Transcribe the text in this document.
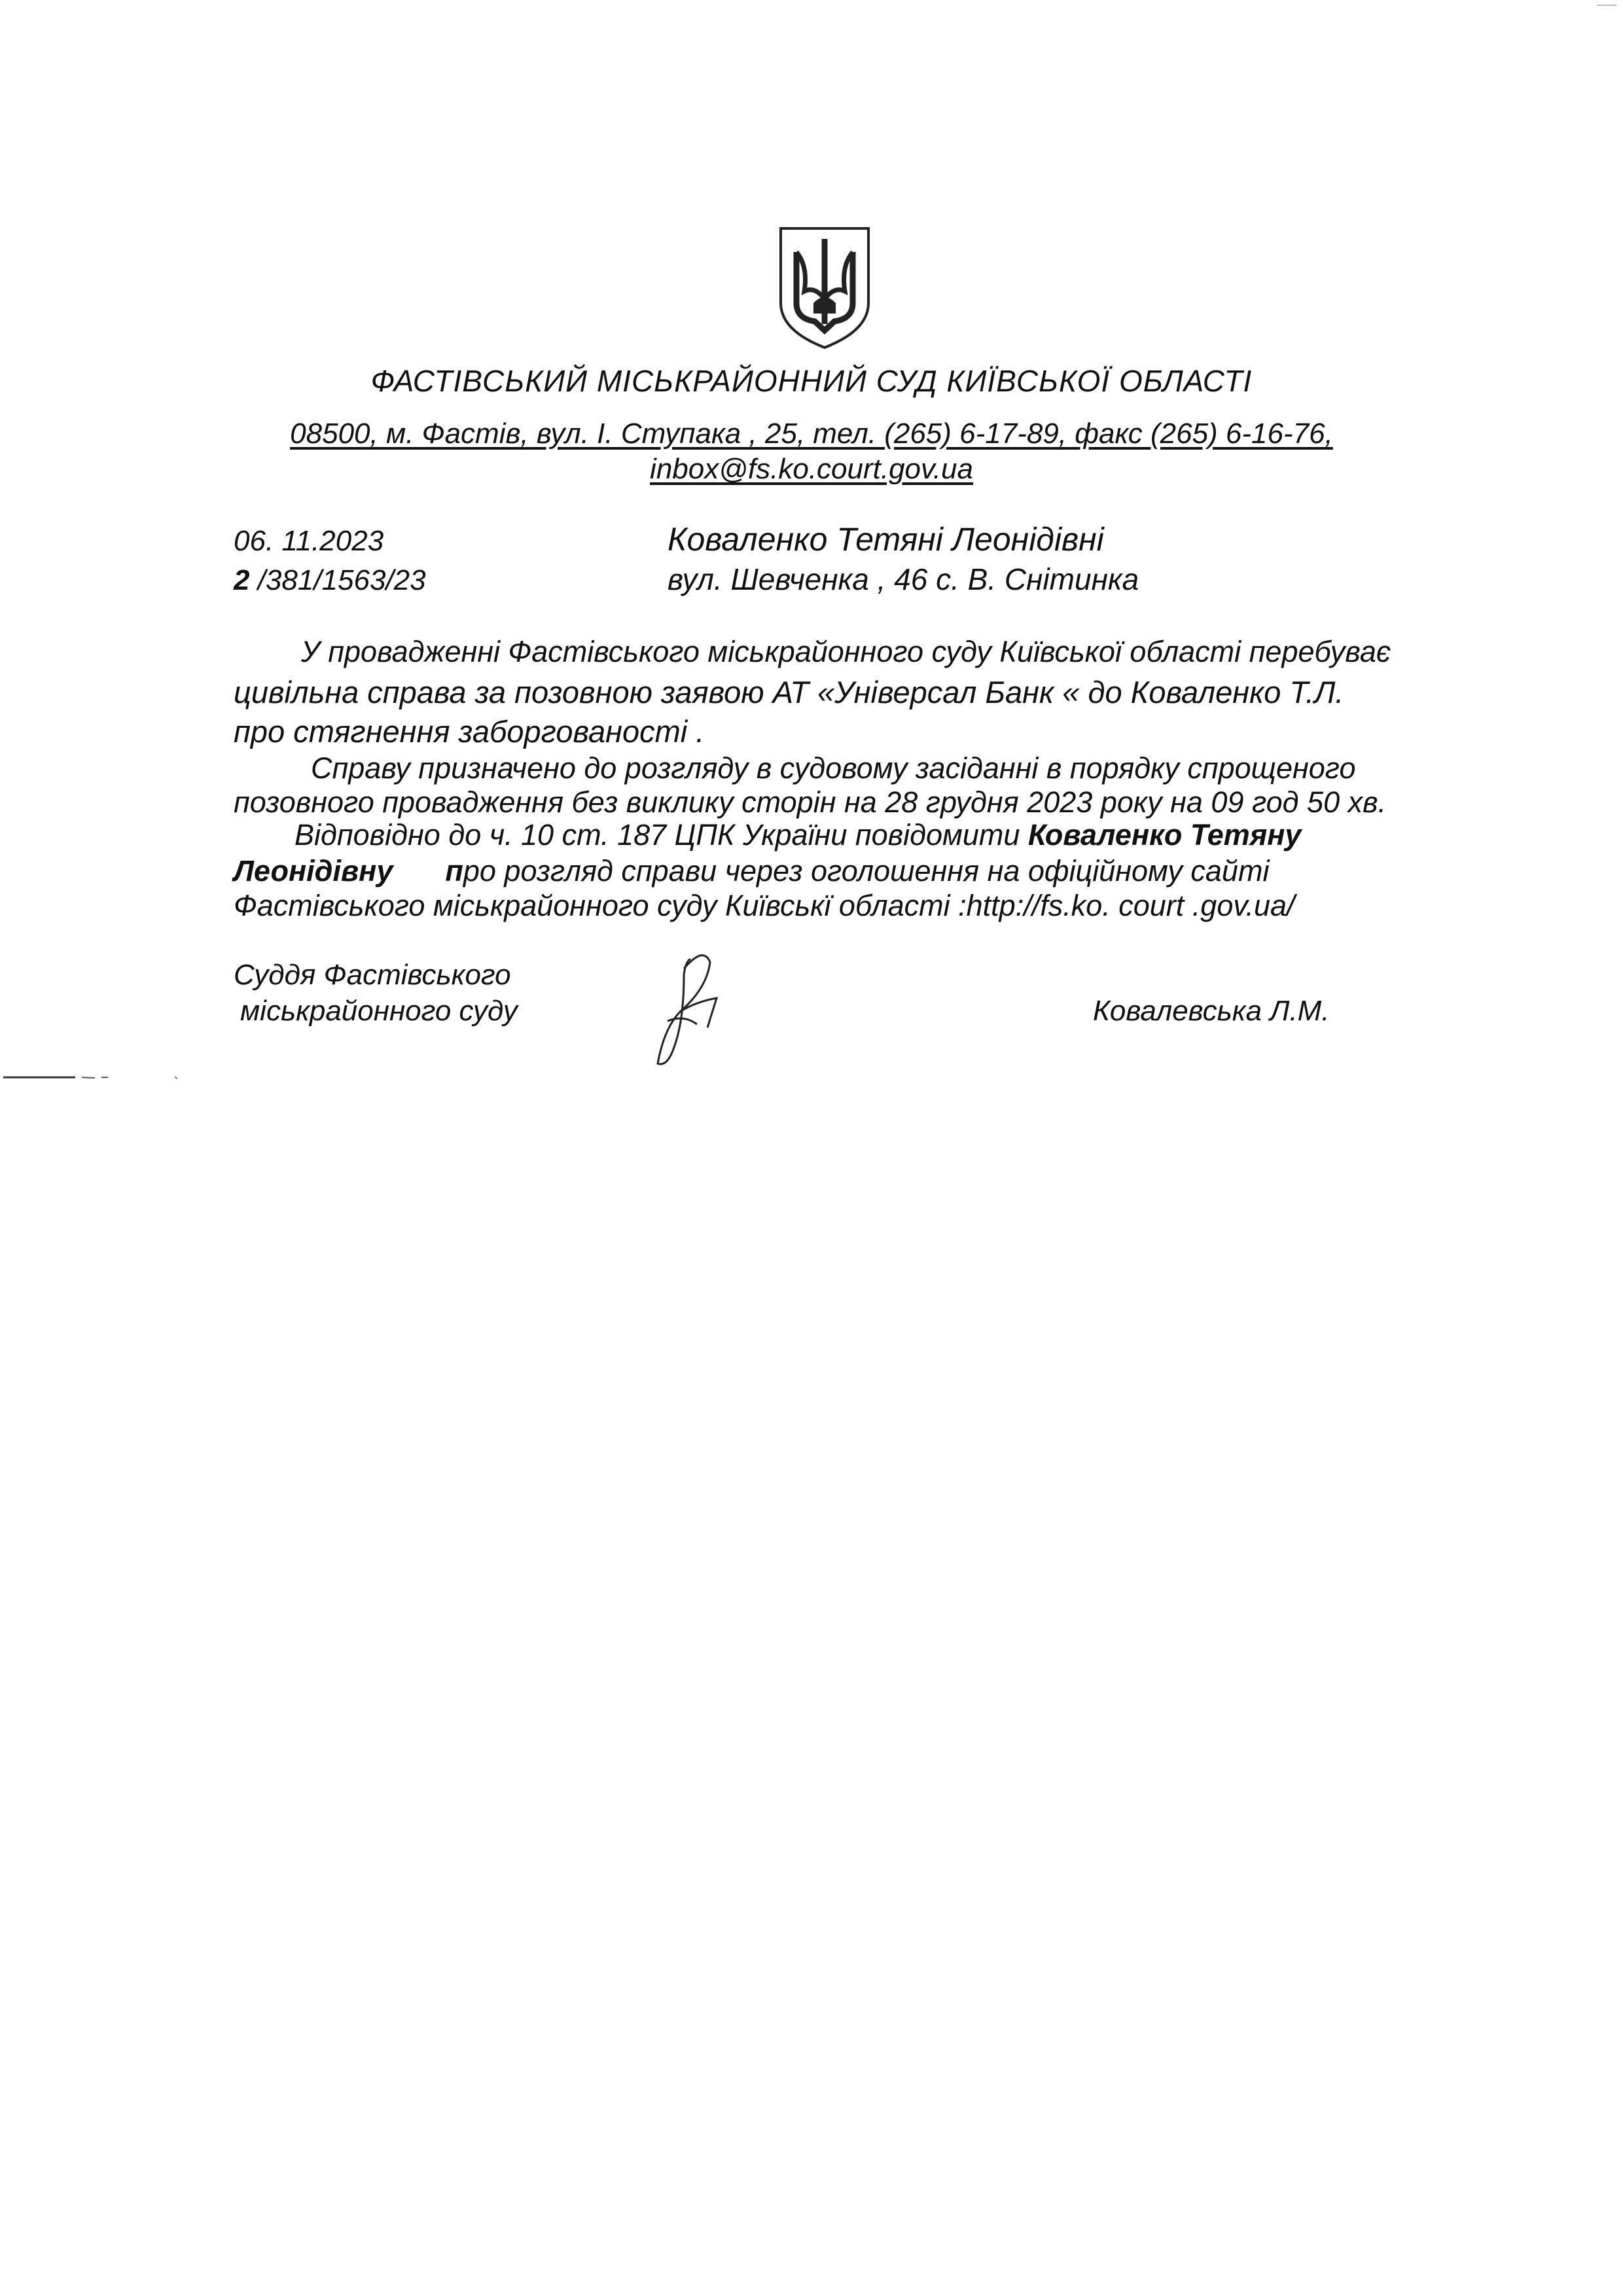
ФАСТІВСЬКИЙ МІСЬКРАЙОННИЙ СУД КИЇВСЬКОЇ ОБЛАСТІ
08500, м. Фастів, вул. І. Ступака , 25, тел. (265) 6-17-89, факс (265) 6-16-76,
inbox@fs.ko.court.gov.ua
06. 11.2023
2 /381/1563/23
Коваленко Тетяні Леонідівні
вул. Шевченка , 46 с. В. Снітинка
У провадженні Фастівського міськрайонного суду Київської області перебуває
цивільна справа за позовною заявою АТ «Універсал Банк « до Коваленко Т.Л.
про стягнення заборгованості .
Справу призначено до розгляду в судовому засіданні в порядку спрощеного
позовного провадження без виклику сторін на 28 грудня 2023 року на 09 год 50 хв.
Відповідно до ч. 10 ст. 187 ЦПК України повідомити Коваленко Тетяну
Леонідівну про розгляд справи через оголошення на офіційному сайті
Фастівського міськрайонного суду Київськї області :http://fs.ko. court .gov.ua/
Суддя Фастівського
міськрайонного суду	Ковалевська Л.М.
